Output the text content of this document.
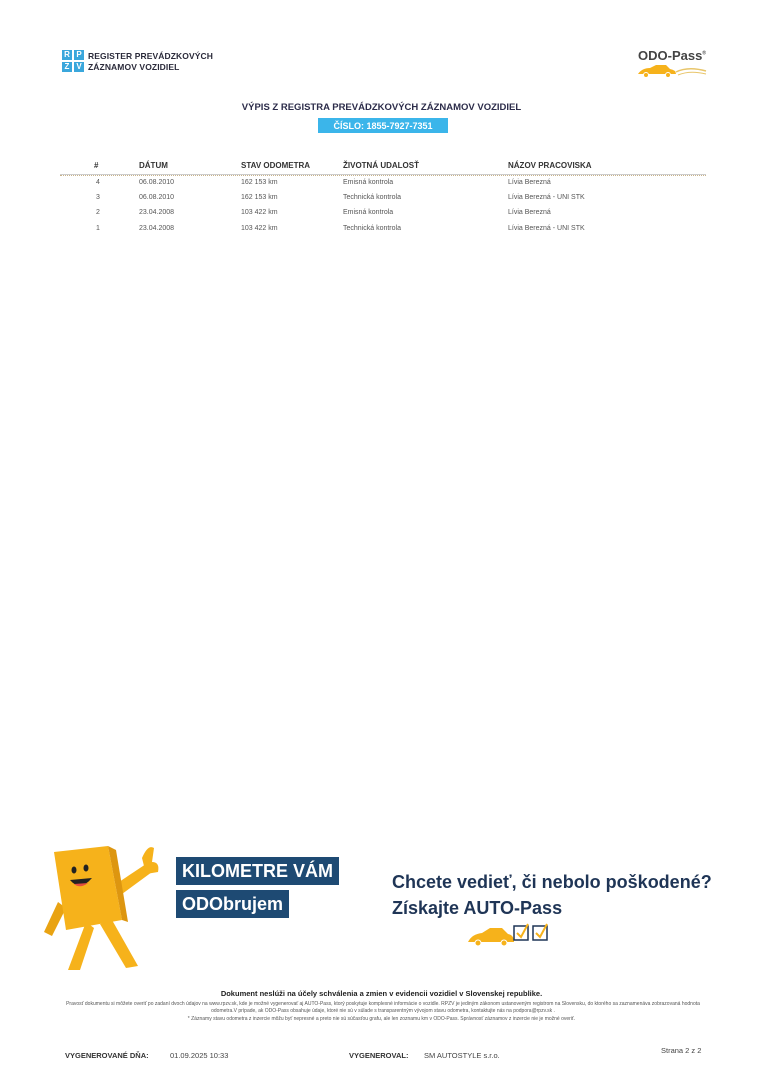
R P
Z V
REGISTER PREVÁDZKOVÝCH
ZÁZNAMOV VOZIDIEL
ODO-Pass®
VÝPIS Z REGISTRA PREVÁDZKOVÝCH ZÁZNAMOV VOZIDIEL
ČÍSLO: 1855-7927-7351
#	DÁTUM	STAV ODOMETRA	ŽIVOTNÁ UDALOSŤ	NÁZOV PRACOVISKA
4	06.08.2010	162 153 km	Emisná kontrola	Lívia Berezná
3	06.08.2010	162 153 km	Technická kontrola	Lívia Berezná - UNI STK
2	23.04.2008	103 422 km	Emisná kontrola	Lívia Berezná
1	23.04.2008	103 422 km	Technická kontrola	Lívia Berezná - UNI STK
KILOMETRE VÁM
ODObrujem
Chcete vedieť, či nebolo poškodené?
Získajte AUTO-Pass
Dokument neslúži na účely schválenia a zmien v evidencii vozidiel v Slovenskej republike.
Pravosť dokumentu si môžete overiť po zadaní dvoch údajov na www.rpzv.sk, kde je možné vygenerovať aj AUTO-Pass, ktorý poskytuje komplexné informácie o vozidle. RPZV je jediným zákonom ustanoveným registrom na Slovensku, do ktorého sa zaznamenáva zobrazovaná hodnota odometra.V prípade, ak ODO-Pass obsahuje údaje, ktoré nie sú v súlade s transparentným vývojom stavu odometra, kontaktujte nás na podpora@rpzv.sk .
* Záznamy stavu odometra z inzercie môžu byť nepresné a preto nie sú súčasťou grafu, ale len zoznamu km v ODO-Pass. Správnosť záznamov z inzercie nie je možné overiť.
VYGENEROVANÉ DŇA:	01.09.2025 10:33	VYGENEROVAL: SM AUTOSTYLE s.r.o.
Strana 2 z 2
